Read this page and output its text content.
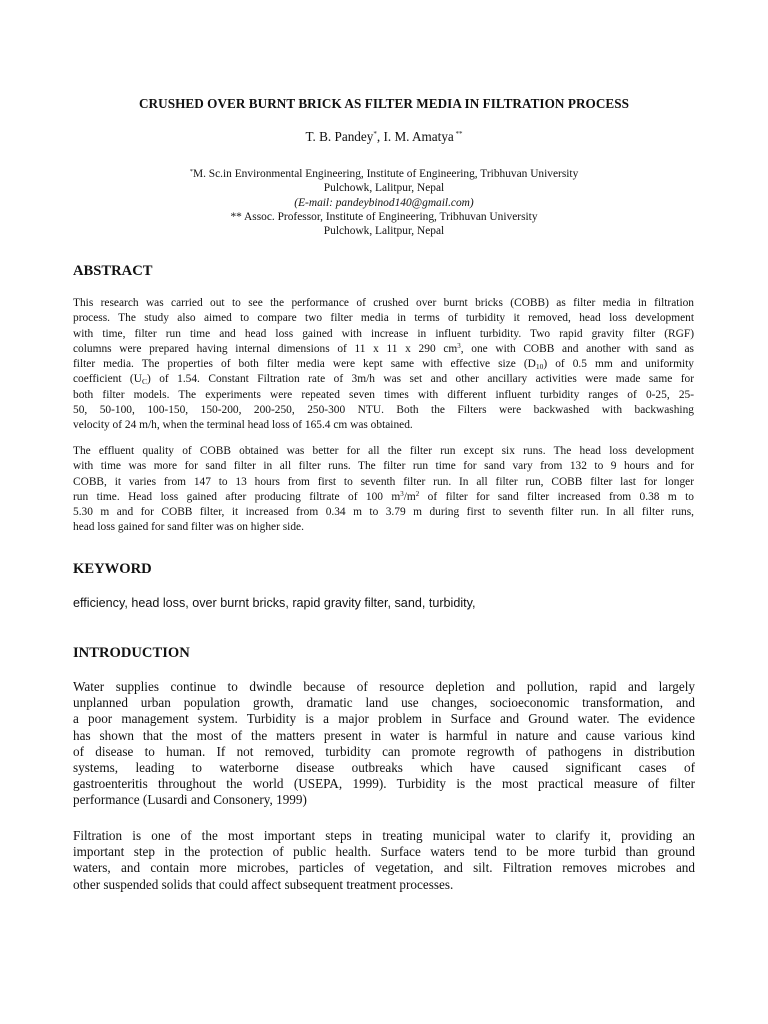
CRUSHED OVER BURNT BRICK AS FILTER MEDIA IN FILTRATION PROCESS
T. B. Pandey*, I. M. Amatya **
*M. Sc.in Environmental Engineering, Institute of Engineering, Tribhuvan University
Pulchowk, Lalitpur, Nepal
(E-mail: pandeybinod140@gmail.com)
** Assoc. Professor, Institute of Engineering, Tribhuvan University
Pulchowk, Lalitpur, Nepal
ABSTRACT
This research was carried out to see the performance of crushed over burnt bricks (COBB) as filter media in filtration
process. The study also aimed to compare two filter media in terms of turbidity it removed, head loss development
with time, filter run time and head loss gained with increase in influent turbidity. Two rapid gravity filter (RGF)
columns were prepared having internal dimensions of 11 x 11 x 290 $cm^3$, one with COBB and another with sand as
filter media. The properties of both filter media were kept same with effective size $(D_{10})$ of 0.5 mm and uniformity
coefficient $(U_C)$ of 1.54. Constant Filtration rate of 3m/h was set and other ancillary activities were made same for
both filter models. The experiments were repeated seven times with different influent turbidity ranges of 0-25, 25-
50, 50-100, 100-150, 150-200, 200-250, 250-300 NTU. Both the Filters were backwashed with backwashing
velocity of 24 m/h, when the terminal head loss of 165.4 cm was obtained.
The effluent quality of COBB obtained was better for all the filter run except six runs. The head loss development
with time was more for sand filter in all filter runs. The filter run time for sand vary from 132 to 9 hours and for
COBB, it varies from 147 to 13 hours from first to seventh filter run. In all filter run, COBB filter last for longer
run time. Head loss gained after producing filtrate of 100 $m^3/m^2$ of filter for sand filter increased from 0.38 m to
5.30 m and for COBB filter, it increased from 0.34 m to 3.79 m during first to seventh filter run. In all filter runs,
head loss gained for sand filter was on higher side.
KEYWORD
efficiency, head loss, over burnt bricks, rapid gravity filter, sand, turbidity,
INTRODUCTION
Water supplies continue to dwindle because of resource depletion and pollution, rapid and largely
unplanned urban population growth, dramatic land use changes, socioeconomic transformation, and
a poor management system. Turbidity is a major problem in Surface and Ground water. The evidence
has shown that the most of the matters present in water is harmful in nature and cause various kind
of disease to human. If not removed, turbidity can promote regrowth of pathogens in distribution
systems, leading to waterborne disease outbreaks which have caused significant cases of
gastroenteritis throughout the world (USEPA, 1999). Turbidity is the most practical measure of filter
performance (Lusardi and Consonery, 1999)
Filtration is one of the most important steps in treating municipal water to clarify it, providing an
important step in the protection of public health. Surface waters tend to be more turbid than ground
waters, and contain more microbes, particles of vegetation, and silt. Filtration removes microbes and
other suspended solids that could affect subsequent treatment processes.
